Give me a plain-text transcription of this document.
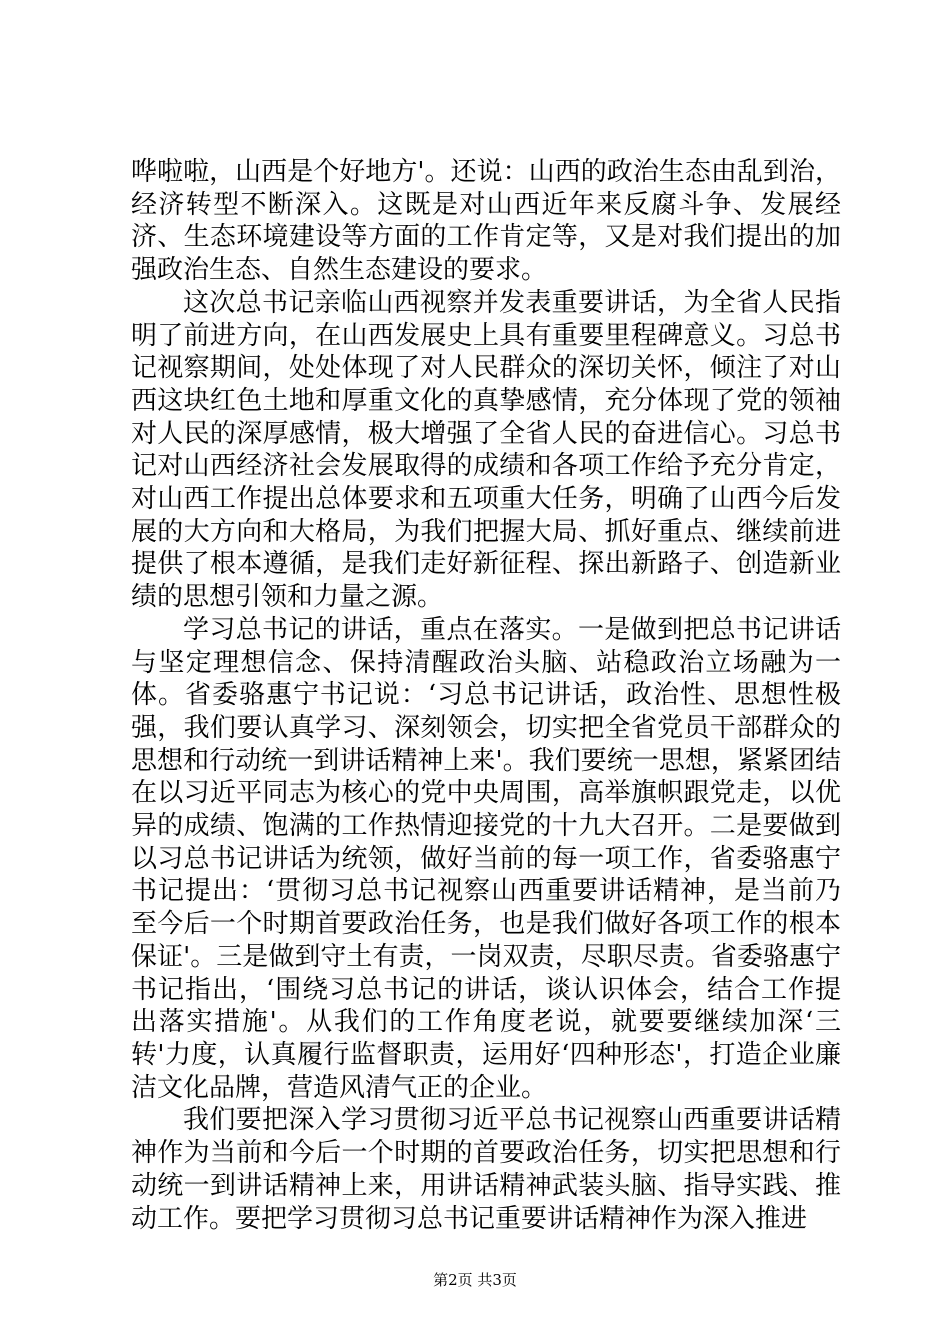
哗啦啦，山西是个好地方'。还说：山西的政治生态由乱到治，经济转型不断深入。这既是对山西近年来反腐斗争、发展经济、生态环境建设等方面的工作肯定等，又是对我们提出的加强政治生态、自然生态建设的要求。

这次总书记亲临山西视察并发表重要讲话，为全省人民指明了前进方向，在山西发展史上具有重要里程碑意义。习总书记视察期间，处处体现了对人民群众的深切关怀，倾注了对山西这块红色土地和厚重文化的真挚感情，充分体现了党的领袖对人民的深厚感情，极大增强了全省人民的奋进信心。习总书记对山西经济社会发展取得的成绩和各项工作给予充分肯定，对山西工作提出总体要求和五项重大任务，明确了山西今后发展的大方向和大格局，为我们把握大局、抓好重点、继续前进提供了根本遵循，是我们走好新征程、探出新路子、创造新业绩的思想引领和力量之源。

学习总书记的讲话，重点在落实。一是做到把总书记讲话与坚定理想信念、保持清醒政治头脑、站稳政治立场融为一体。省委骆惠宁书记说：‘习总书记讲话，政治性、思想性极强，我们要认真学习、深刻领会，切实把全省党员干部群众的思想和行动统一到讲话精神上来'。我们要统一思想，紧紧团结在以习近平同志为核心的党中央周围，高举旗帜跟党走，以优异的成绩、饱满的工作热情迎接党的十九大召开。二是要做到以习总书记讲话为统领，做好当前的每一项工作，省委骆惠宁书记提出：‘贯彻习总书记视察山西重要讲话精神，是当前乃至今后一个时期首要政治任务，也是我们做好各项工作的根本保证'。三是做到守土有责，一岗双责，尽职尽责。省委骆惠宁书记指出，‘围绕习总书记的讲话，谈认识体会，结合工作提出落实措施'。从我们的工作角度老说，就要要继续加深‘三转'力度，认真履行监督职责，运用好‘四种形态'，打造企业廉洁文化品牌，营造风清气正的企业。

我们要把深入学习贯彻习近平总书记视察山西重要讲话精神作为当前和今后一个时期的首要政治任务，切实把思想和行动统一到讲话精神上来，用讲话精神武装头脑、指导实践、推动工作。要把学习贯彻习总书记重要讲话精神作为深入推进

第2页 共3页
